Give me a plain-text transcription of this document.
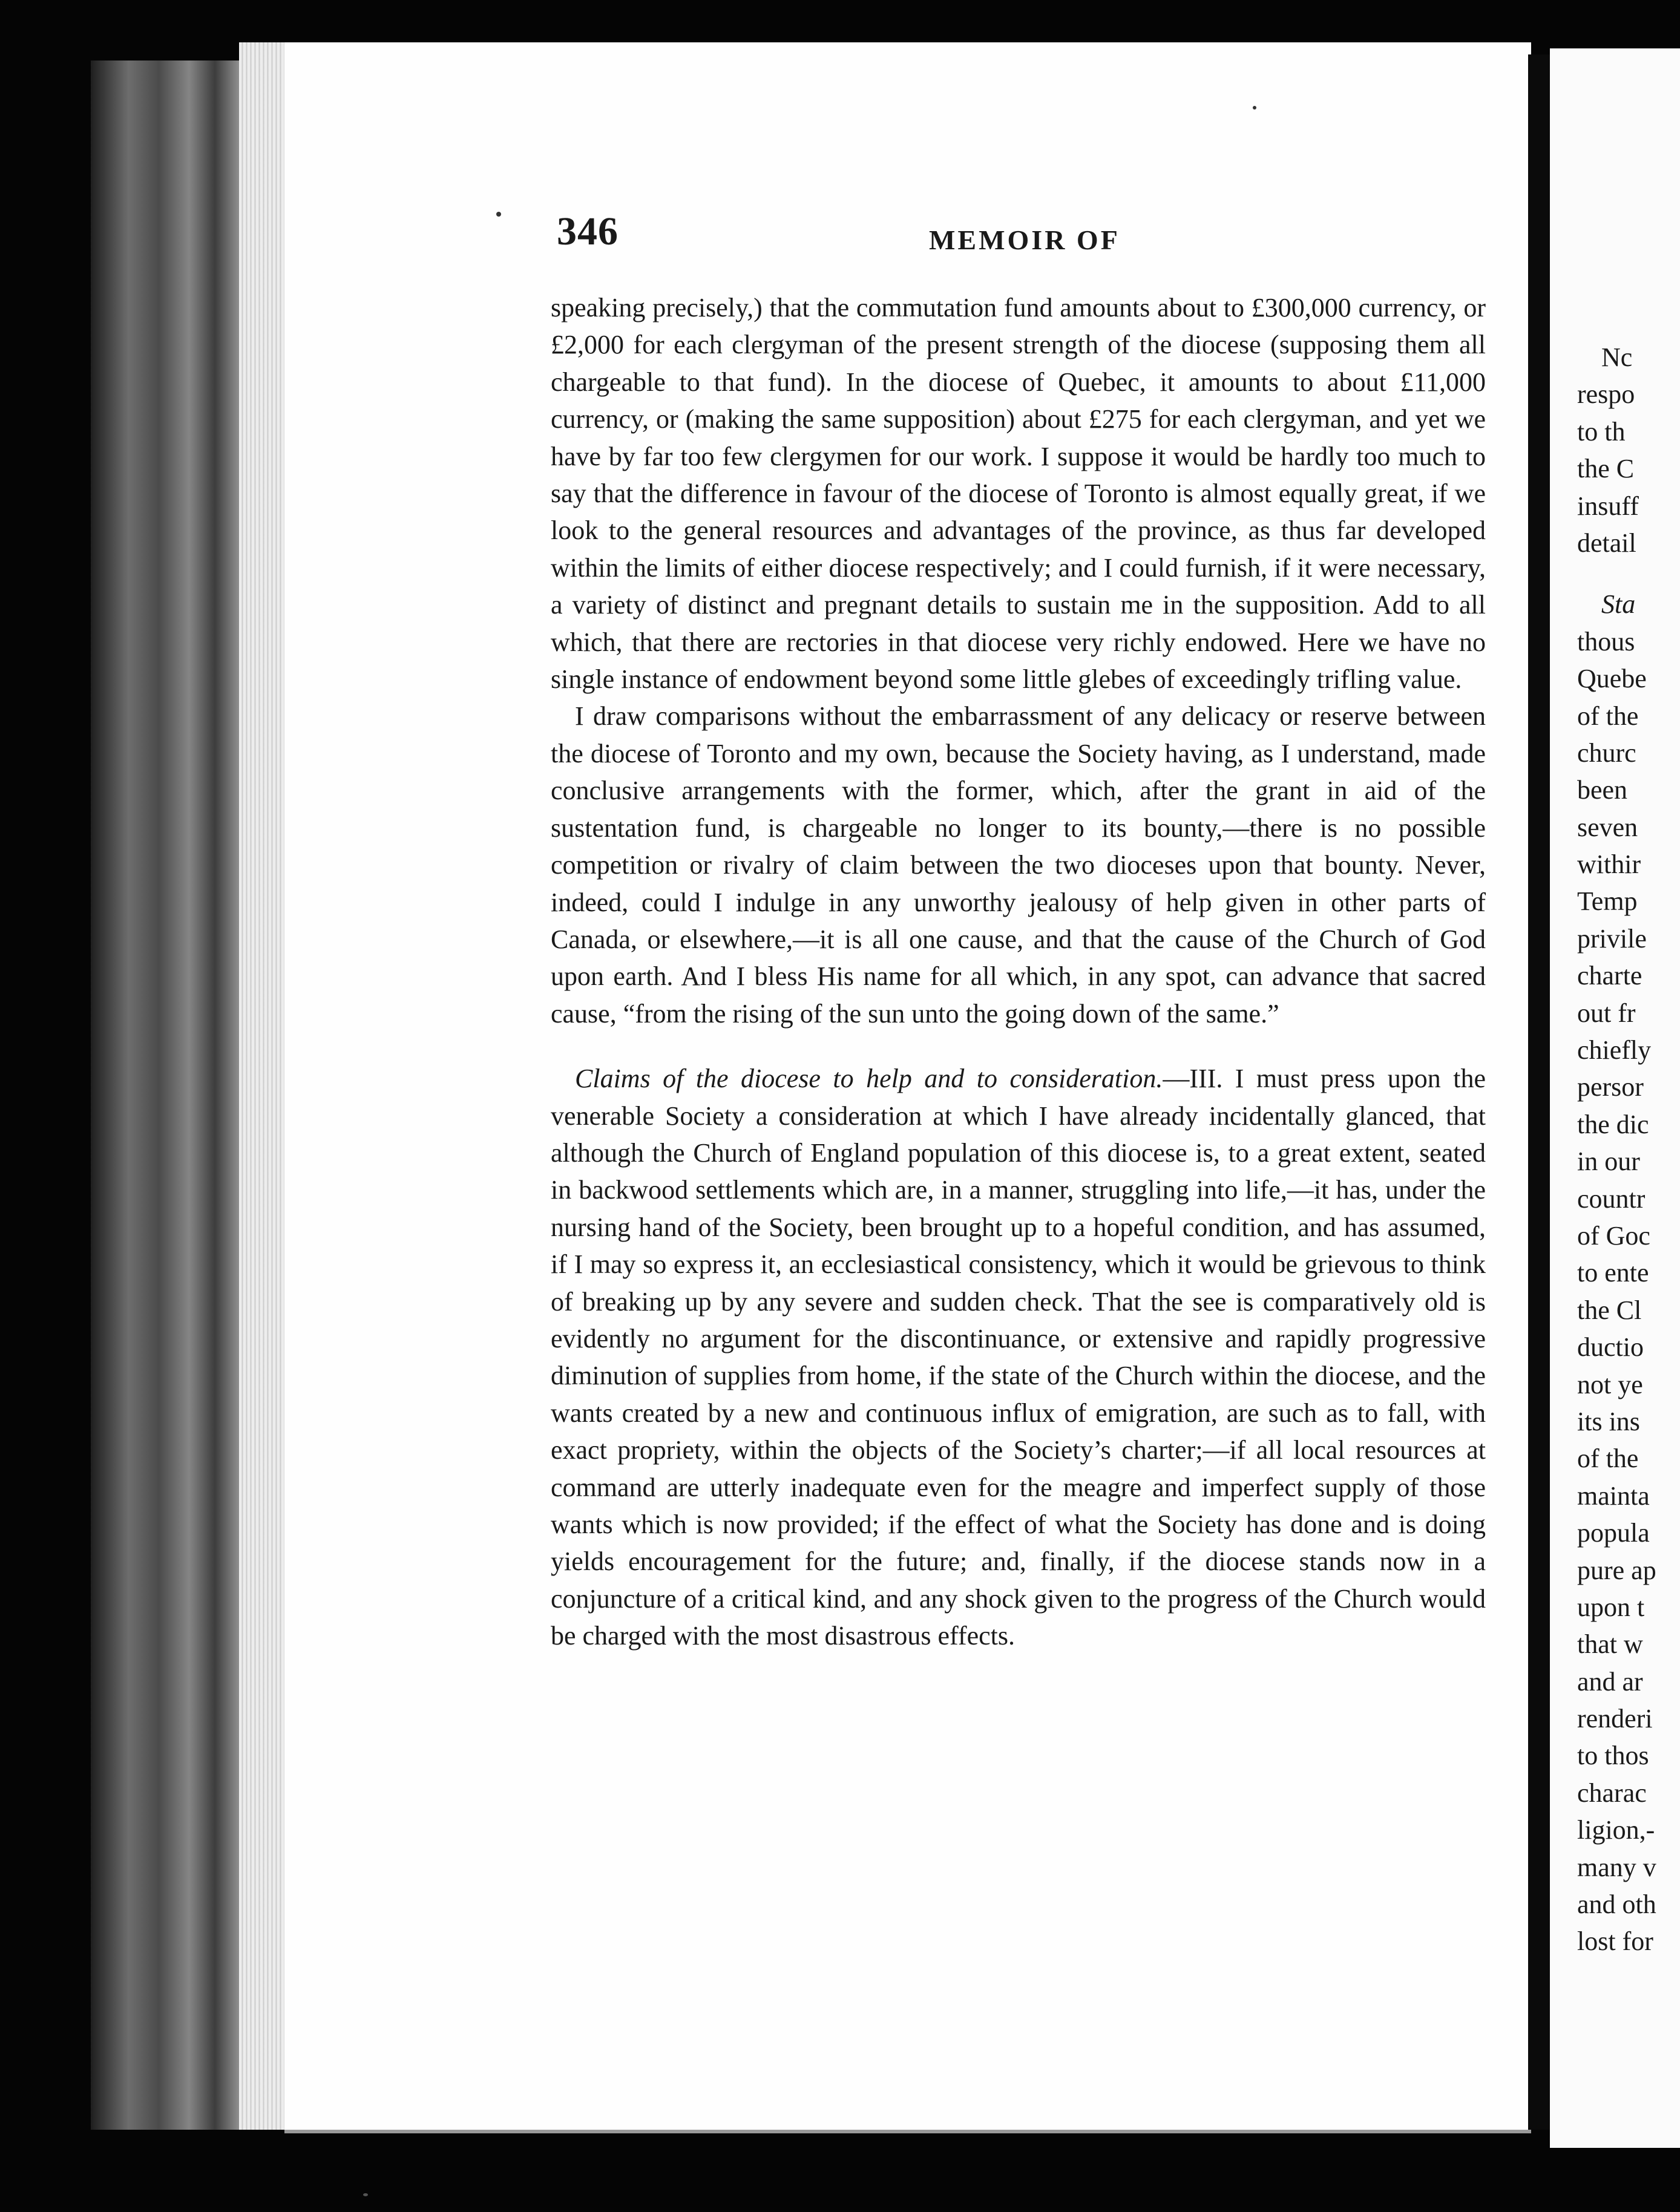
346	MEMOIR OF

speaking precisely,) that the commutation fund amounts about to £300,000 currency, or £2,000 for each clergyman of the present strength of the diocese (supposing them all chargeable to that fund). In the diocese of Quebec, it amounts to about £11,000 currency, or (making the same supposition) about £275 for each clergyman, and yet we have by far too few clergymen for our work. I suppose it would be hardly too much to say that the difference in favour of the diocese of Toronto is almost equally great, if we look to the general resources and advantages of the province, as thus far developed within the limits of either diocese respectively; and I could furnish, if it were necessary, a variety of distinct and pregnant details to sustain me in the supposition. Add to all which, that there are rectories in that diocese very richly endowed. Here we have no single instance of endowment beyond some little glebes of exceedingly trifling value.

I draw comparisons without the embarrassment of any delicacy or reserve between the diocese of Toronto and my own, because the Society having, as I understand, made conclusive arrangements with the former, which, after the grant in aid of the sustentation fund, is chargeable no longer to its bounty,—there is no possible competition or rivalry of claim between the two dioceses upon that bounty. Never, indeed, could I indulge in any unworthy jealousy of help given in other parts of Canada, or elsewhere,—it is all one cause, and that the cause of the Church of God upon earth. And I bless His name for all which, in any spot, can advance that sacred cause, “from the rising of the sun unto the going down of the same.”

Claims of the diocese to help and to consideration.—III. I must press upon the venerable Society a consideration at which I have already incidentally glanced, that although the Church of England population of this diocese is, to a great extent, seated in backwood settlements which are, in a manner, struggling into life,—it has, under the nursing hand of the Society, been brought up to a hopeful condition, and has assumed, if I may so express it, an ecclesiastical consistency, which it would be grievous to think of breaking up by any severe and sudden check. That the see is comparatively old is evidently no argument for the discontinuance, or extensive and rapidly progressive diminution of supplies from home, if the state of the Church within the diocese, and the wants created by a new and continuous influx of emigration, are such as to fall, with exact propriety, within the objects of the Society’s charter;—if all local resources at command are utterly inadequate even for the meagre and imperfect supply of those wants which is now provided; if the effect of what the Society has done and is doing yields encouragement for the future; and, finally, if the diocese stands now in a conjuncture of a critical kind, and any shock given to the progress of the Church would be charged with the most disastrous effects.

Nc
respo
to th
the C
insuff
detail
Sta
thous
Quebe
of the
churc
been
seven
withir
Temp
privile
charte
out fr
chiefly
persor
the dic
in our
countr
of Goc
to ente
the Cl
ductio
not ye
its ins
of the
mainta
popula
pure ap
upon t
that w
and ar
renderi
to thos
charac
ligion,-
many v
and oth
lost for
